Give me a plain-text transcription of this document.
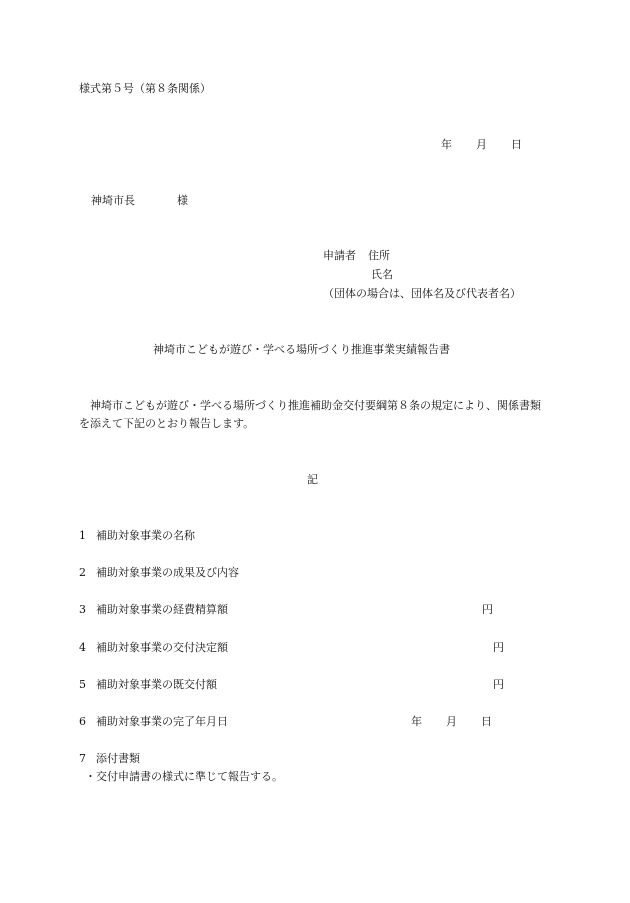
様式第５号（第８条関係）

年 月 日

神埼市長	様

申請者 住所

氏名

（団体の場合は、団体名及び代表者名）

神埼市こどもが遊び・学べる場所づくり推進事業実績報告書

神埼市こどもが遊び・学べる場所づくり推進補助金交付要綱第８条の規定により、関係書類を添えて下記のとおり報告します。

記

1 補助対象事業の名称

2 補助対象事業の成果及び内容

3 補助対象事業の経費精算額	円

4 補助対象事業の交付決定額	円

5 補助対象事業の既交付額	円

6 補助対象事業の完了年月日	年 月 日

7 添付書類

・交付申請書の様式に準じて報告する。
